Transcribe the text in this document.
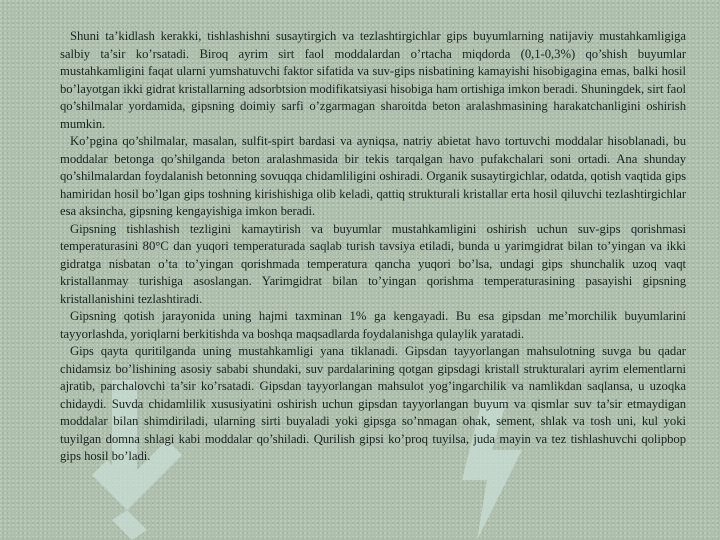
Shuni ta’kidlash kerakki, tishlashishni susaytirgich va tezlashtirgichlar gips buyumlarning natijaviy mustahkamligiga salbiy ta’sir ko’rsatadi. Biroq ayrim sirt faol moddalardan o’rtacha miqdorda (0,1-0,3%) qo’shish buyumlar mustahkamligini faqat ularni yumshatuvchi faktor sifatida va suv-gips nisbatining kamayishi hisobigagina emas, balki hosil bo’layotgan ikki gidrat kristallarning adsorbtsion modifikatsiyasi hisobiga ham ortishiga imkon beradi. Shuningdek, sirt faol qo’shilmalar yordamida, gipsning doimiy sarfi o’zgarmagan sharoitda beton aralashmasining harakatchanligini oshirish mumkin.

Ko’pgina qo’shilmalar, masalan, sulfit-spirt bardasi va ayniqsa, natriy abietat havo tortuvchi moddalar hisoblanadi, bu moddalar betonga qo’shilganda beton aralashmasida bir tekis tarqalgan havo pufakchalari soni ortadi. Ana shunday qo’shilmalardan foydalanish betonning sovuqqa chidamliligini oshiradi. Organik susaytirgichlar, odatda, qotish vaqtida gips hamiridan hosil bo’lgan gips toshning kirishishiga olib keladi, qattiq strukturali kristallar erta hosil qiluvchi tezlashtirgichlar esa aksincha, gipsning kengayishiga imkon beradi.

Gipsning tishlashish tezligini kamaytirish va buyumlar mustahkamligini oshirish uchun suv-gips qorishmasi temperaturasini 80°C dan yuqori temperaturada saqlab turish tavsiya etiladi, bunda u yarimgidrat bilan to’yingan va ikki gidratga nisbatan o’ta to’yingan qorishmada temperatura qancha yuqori bo’lsa, undagi gips shunchalik uzoq vaqt kristallanmay turishiga asoslangan. Yarimgidrat bilan to’yingan qorishma temperaturasining pasayishi gipsning kristallanishini tezlashtiradi.

Gipsning qotish jarayonida uning hajmi taxminan 1% ga kengayadi. Bu esa gipsdan me’morchilik buyumlarini tayyorlashda, yoriqlarni berkitishda va boshqa maqsadlarda foydalanishga qulaylik yaratadi.

Gips qayta quritilganda uning mustahkamligi yana tiklanadi. Gipsdan tayyorlangan mahsulotning suvga bu qadar chidamsiz bo’lishining asosiy sababi shundaki, suv pardalarining qotgan gipsdagi kristall strukturalari ayrim elementlarni ajratib, parchalovchi ta’sir ko’rsatadi. Gipsdan tayyorlangan mahsulot yog’ingarchilik va namlikdan saqlansa, u uzoqka chidaydi. Suvda chidamlilik xususiyatini oshirish uchun gipsdan tayyorlangan buyum va qismlar suv ta’sir etmaydigan moddalar bilan shimdiriladi, ularning sirti buyaladi yoki gipsga so’nmagan ohak, sement, shlak va tosh uni, kul yoki tuyilgan domna shlagi kabi moddalar qo’shiladi. Qurilish gipsi ko’proq tuyilsa, juda mayin va tez tishlashuvchi qolipbop gips hosil bo’ladi.
